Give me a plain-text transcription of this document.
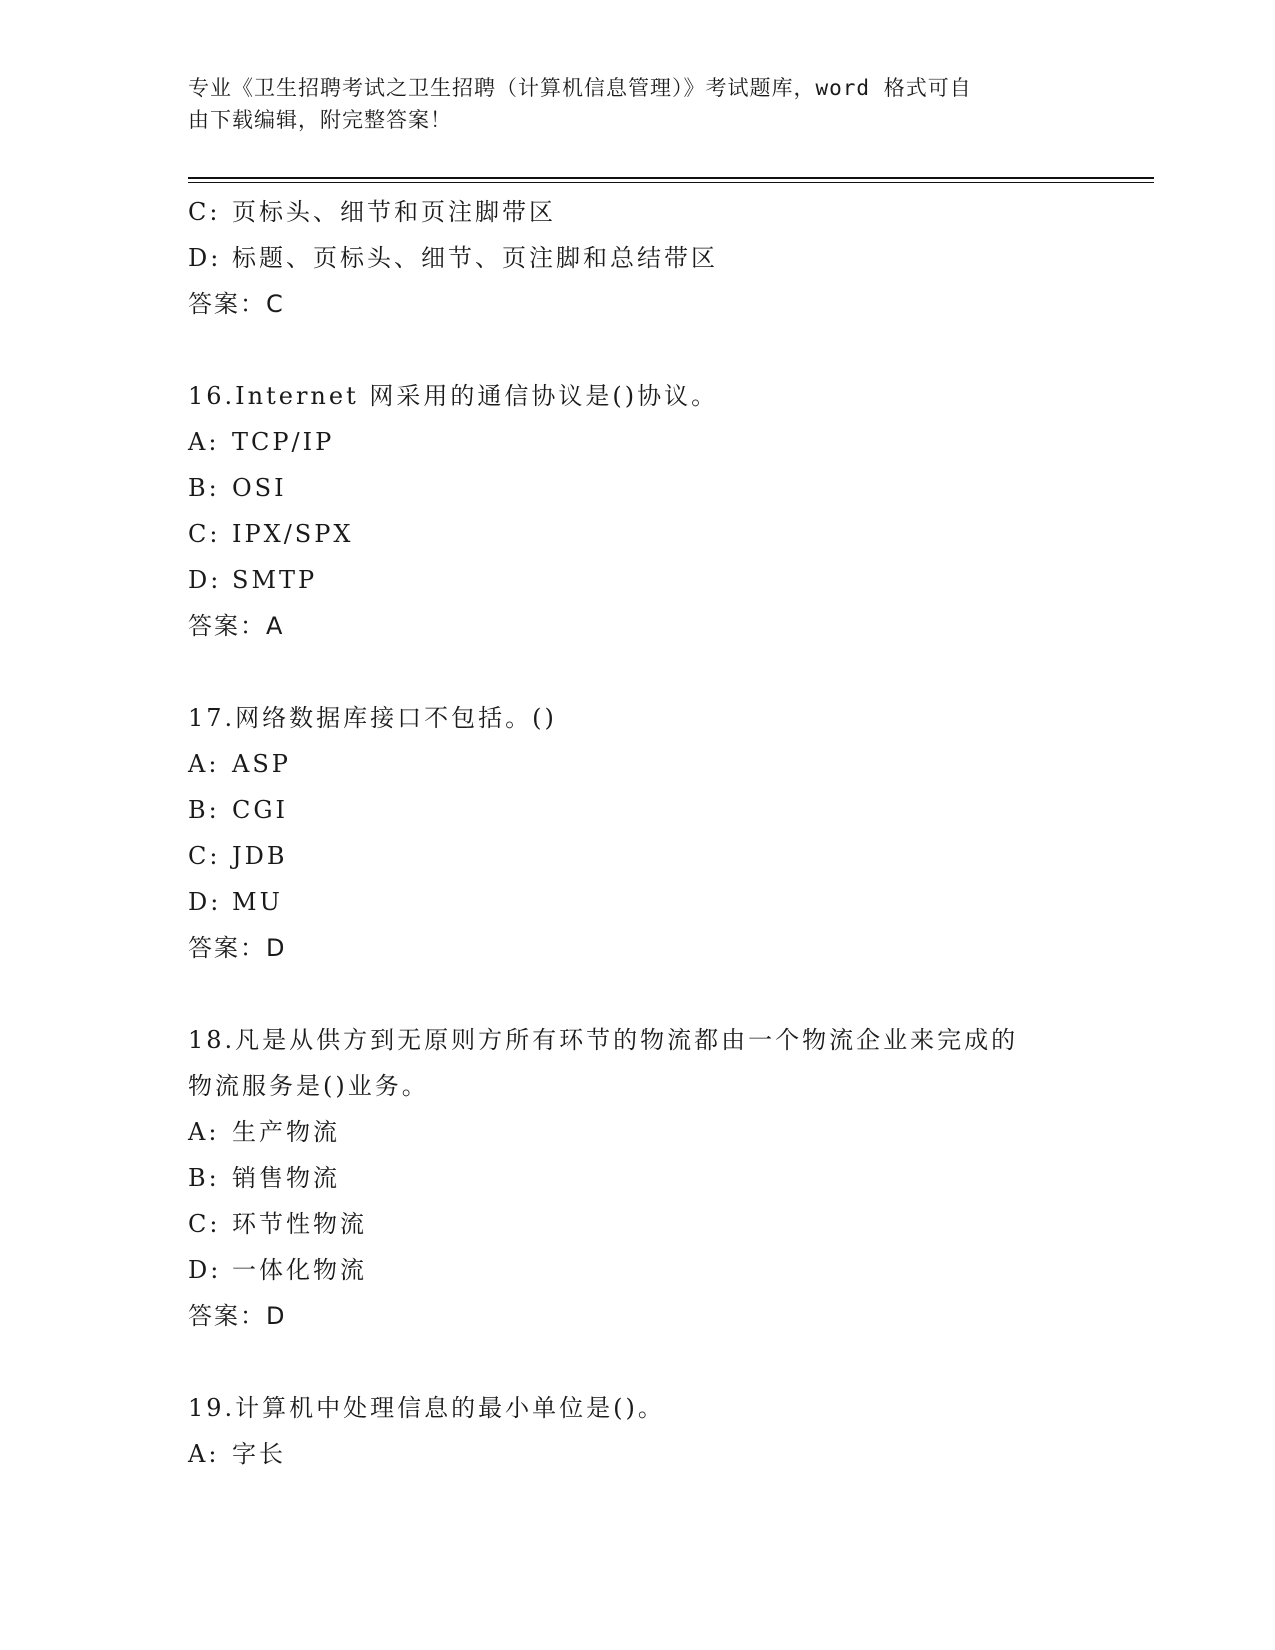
专业《卫生招聘考试之卫生招聘（计算机信息管理）》考试题库，word 格式可自
由下载编辑，附完整答案！
C: 页标头、细节和页注脚带区
D: 标题、页标头、细节、页注脚和总结带区
答案：C
16.Internet 网采用的通信协议是()协议。
A: TCP/IP
B: OSI
C: IPX/SPX
D: SMTP
答案：A
17.网络数据库接口不包括。()
A: ASP
B: CGI
C: JDB
D: MU
答案：D
18.凡是从供方到无原则方所有环节的物流都由一个物流企业来完成的
物流服务是()业务。
A: 生产物流
B: 销售物流
C: 环节性物流
D: 一体化物流
答案：D
19.计算机中处理信息的最小单位是()。
A: 字长
